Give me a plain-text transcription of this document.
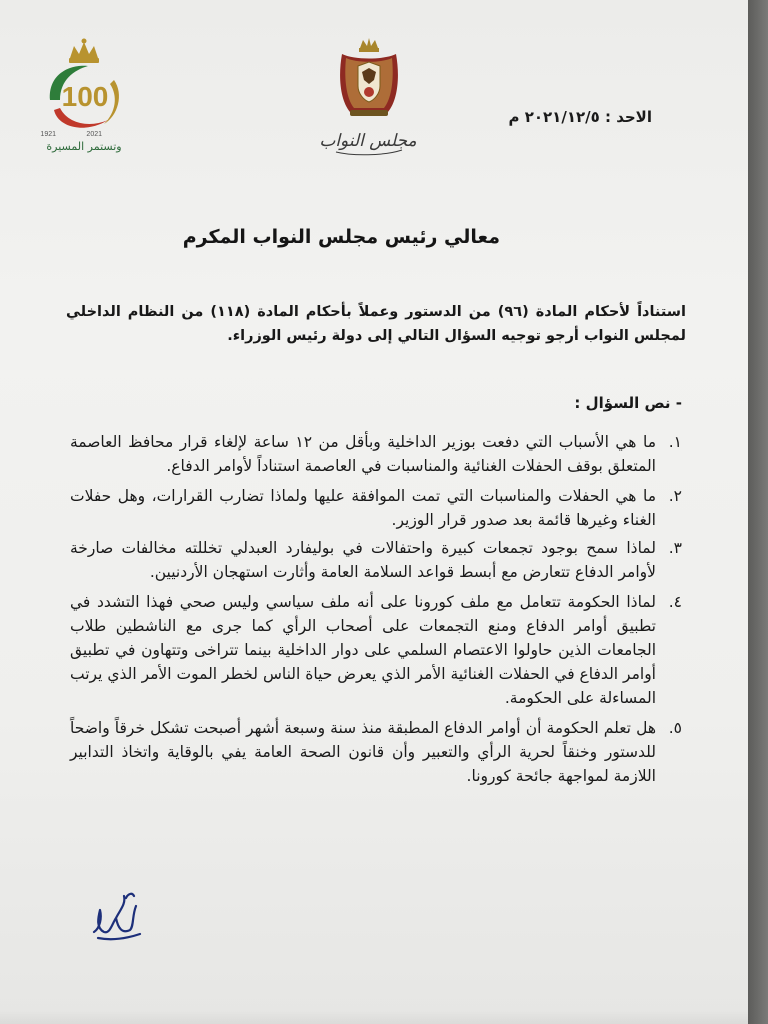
100
1921	2021
وتستمر المسيرة	مجلس النواب
الاحد : ٢٠٢١/١٢/٥ م
معالي رئيس مجلس النواب المكرم

استناداً لأحكام المادة (٩٦) من الدستور وعملاً بأحكام المادة (١١٨) من النظام الداخلي لمجلس النواب أرجو توجيه السؤال التالي إلى دولة رئيس الوزراء.

- نص السؤال :
١.
ما هي الأسباب التي دفعت بوزير الداخلية وبأقل من ١٢ ساعة لإلغاء قرار محافظ العاصمة المتعلق بوقف الحفلات الغنائية والمناسبات في العاصمة استناداً لأوامر الدفاع.
٢.
ما هي الحفلات والمناسبات التي تمت الموافقة عليها ولماذا تضارب القرارات، وهل حفلات الغناء وغيرها قائمة بعد صدور قرار الوزير.
٣.
لماذا سمح بوجود تجمعات كبيرة واحتفالات في بوليفارد العبدلي تخللته مخالفات صارخة لأوامر الدفاع تتعارض مع أبسط قواعد السلامة العامة وأثارت استهجان الأردنيين.
٤.
لماذا الحكومة تتعامل مع ملف كورونا على أنه ملف سياسي وليس صحي فهذا التشدد في تطبيق أوامر الدفاع ومنع التجمعات على أصحاب الرأي كما جرى مع الناشطين طلاب الجامعات الذين حاولوا الاعتصام السلمي على دوار الداخلية بينما تتراخى وتتهاون في تطبيق أوامر الدفاع في الحفلات الغنائية الأمر الذي يعرض حياة الناس لخطر الموت الأمر الذي يرتب المساءلة على الحكومة.
٥.
هل تعلم الحكومة أن أوامر الدفاع المطبقة منذ سنة وسبعة أشهر أصبحت تشكل خرقاً واضحاً للدستور وخنقاً لحرية الرأي والتعبير وأن قانون الصحة العامة يفي بالوقاية واتخاذ التدابير اللازمة لمواجهة جائحة كورونا.
